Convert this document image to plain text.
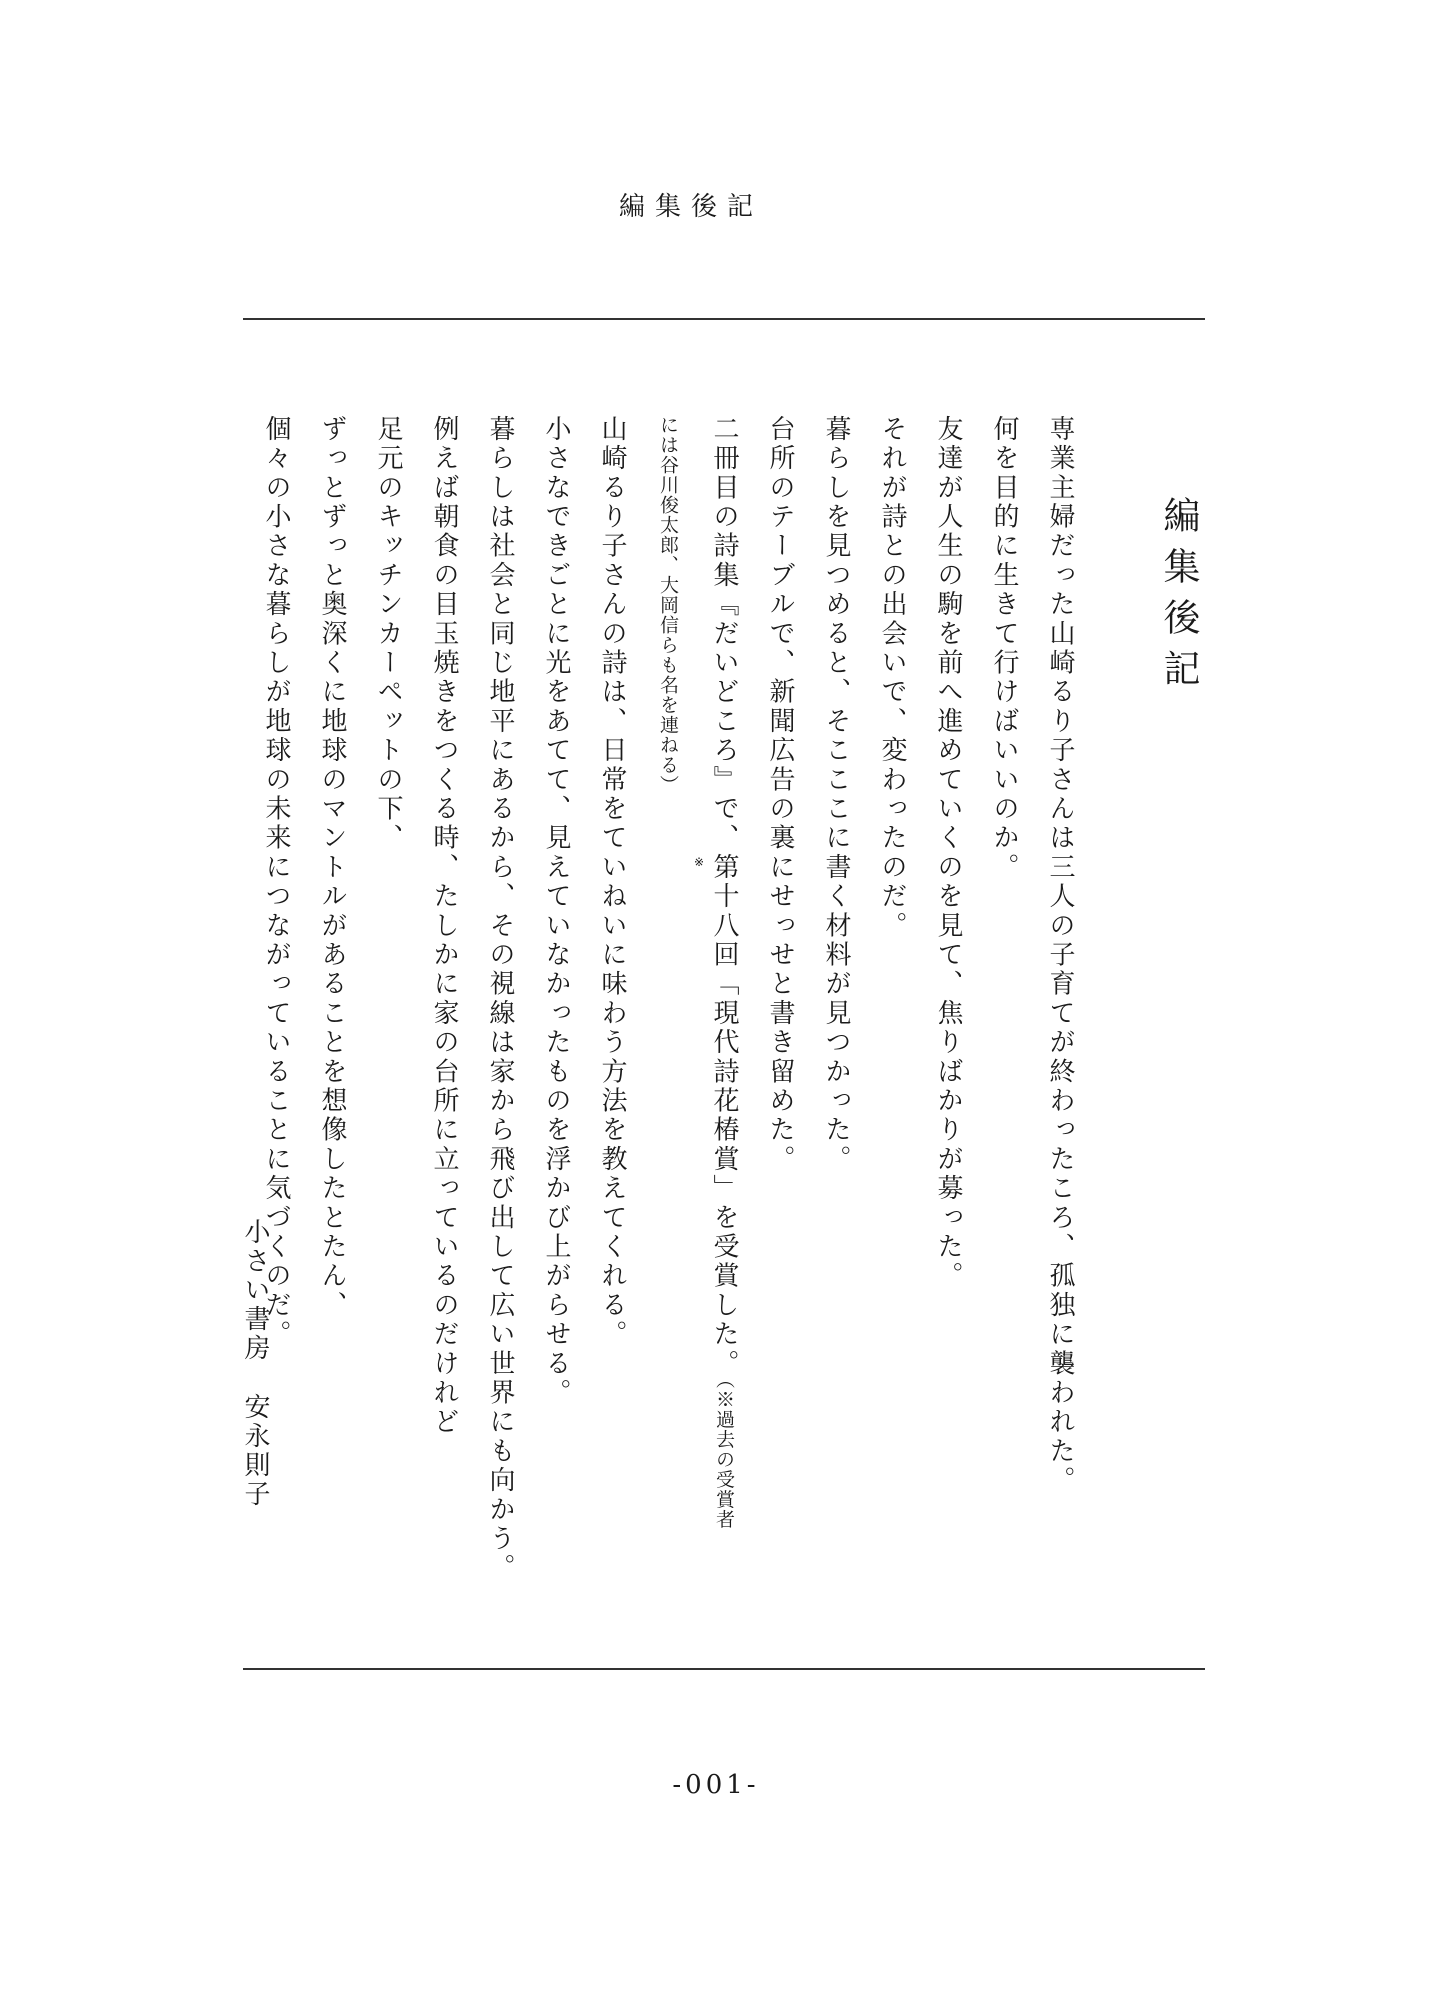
編集後記
編集後記
専業主婦だった山崎るり子さんは三人の子育てが終わったころ、孤独に襲われた。
何を目的に生きて行けばいいのか。
友達が人生の駒を前へ進めていくのを見て、焦りばかりが募った。
それが詩との出会いで、変わったのだ。
暮らしを見つめると、そこここに書く材料が見つかった。
台所のテーブルで、新聞広告の裏にせっせと書き留めた。
二冊目の詩集『だいどころ』で、※ 第十八回「現代詩花椿賞」を受賞した。（※過去の受賞者
には谷川俊太郎、大岡信らも名を連ねる）
山崎るり子さんの詩は、日常をていねいに味わう方法を教えてくれる。
小さなできごとに光をあてて、見えていなかったものを浮かび上がらせる。
暮らしは社会と同じ地平にあるから、その視線は家から飛び出して広い世界にも向かう。
例えば朝食の目玉焼きをつくる時、たしかに家の台所に立っているのだけれど
足元のキッチンカーペットの下、
ずっとずっと奥深くに地球のマントルがあることを想像したとたん、
個々の小さな暮らしが地球の未来につながっていることに気づくのだ。
小さい書房安永則子
-001-
